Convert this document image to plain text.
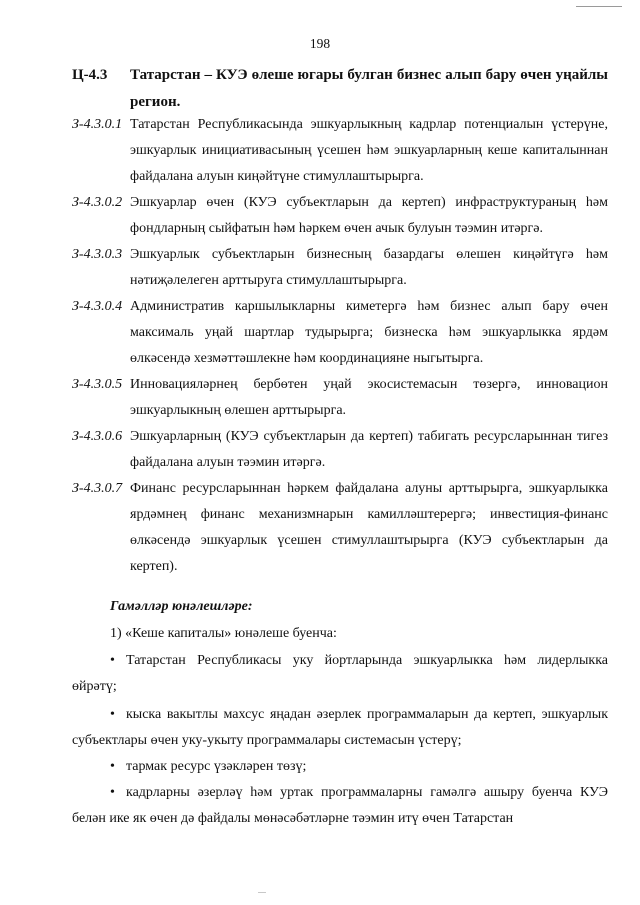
198
Ц-4.3 Татарстан – КУЭ өлеше югары булган бизнес алып бару өчен уңайлы регион.
З-4.3.0.1 Татарстан Республикасында эшкуарлыкның кадрлар потенциалын үстерүне, эшкуарлык инициативасының үсешен һәм эшкуарларның кеше капиталыннан файдалана алуын киңәйтүне стимуллаштырырга.
З-4.3.0.2 Эшкуарлар өчен (КУЭ субъектларын да кертеп) инфраструктураның һәм фондларның сыйфатын һәм һәркем өчен ачык булуын тәэмин итәргә.
З-4.3.0.3 Эшкуарлык субъектларын бизнесның базардагы өлешен киңәйтүгә һәм нәтиҗәлелеген арттыруга стимуллаштырырга.
З-4.3.0.4 Административ каршылыкларны киметергә һәм бизнес алып бару өчен максималь уңай шартлар тудырырга; бизнеска һәм эшкуарлыкка ярдәм өлкәсендә хезмәттәшлекне һәм координацияне ныгытырга.
З-4.3.0.5 Инновацияләрнең бербөтен уңай экосистемасын төзергә, инновацион эшкуарлыкның өлешен арттырырга.
З-4.3.0.6 Эшкуарларның (КУЭ субъектларын да кертеп) табигать ресурсларыннан тигез файдалана алуын тәэмин итәргә.
З-4.3.0.7 Финанс ресурсларыннан һәркем файдалана алуны арттырырга, эшкуарлыкка ярдәмнең финанс механизмнарын камилләштерергә; инвестиция-финанс өлкәсендә эшкуарлык үсешен стимуллаштырырга (КУЭ субъектларын да кертеп).
Гамәлләр юнәлешләре:
1) «Кеше капиталы» юнәлеше буенча:
• Татарстан Республикасы уку йортларында эшкуарлыкка һәм лидерлыкка өйрәтү;
• кыска вакытлы махсус яңадан әзерлек программаларын да кертеп, эшкуарлык субъектлары өчен уку-укыту программалары системасын үстерү;
• тармак ресурс үзәкләрен төзү;
• кадрларны әзерләү һәм уртак программаларны гамәлгә ашыру буенча КУЭ белән ике як өчен дә файдалы мөнәсәбәтләрне тәэмин итү өчен Татарстан
